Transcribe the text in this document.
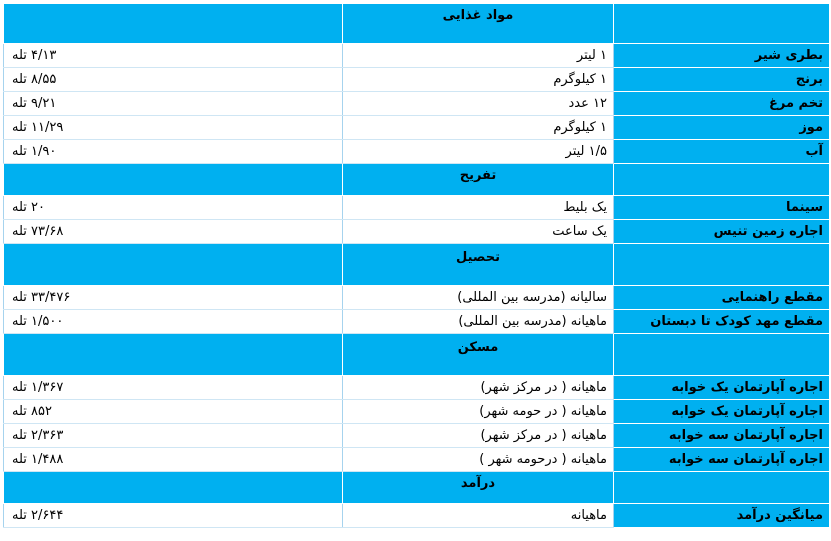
	مواد غذایی	
۴/۱۳ تله	۱ لیتر	بطری شیر
۸/۵۵ تله	۱ کیلوگرم	برنج
۹/۲۱ تله	۱۲ عدد	تخم مرغ
۱۱/۲۹ تله	۱ کیلوگرم	موز
۱/۹۰ تله	۱/۵ لیتر	آب
	تفریح	
۲۰ تله	یک بلیط	سینما
۷۳/۶۸ تله	یک ساعت	اجاره زمین تنیس
	تحصیل	
۳۳/۴۷۶ تله	سالیانه (مدرسه بین المللی)	مقطع راهنمایی
۱/۵۰۰ تله	ماهیانه (مدرسه بین المللی)	مقطع مهد کودک تا دبستان
	مسکن	
۱/۳۶۷ تله	ماهیانه ( در مرکز شهر)	اجاره آپارتمان یک خوابه
۸۵۲ تله	ماهیانه ( در حومه شهر)	اجاره آپارتمان یک خوابه
۲/۳۶۳ تله	ماهیانه ( در مرکز شهر)	اجاره آپارتمان سه خوابه
۱/۴۸۸ تله	ماهیانه ( درحومه شهر )	اجاره آپارتمان سه خوابه
	درآمد	
۲/۶۴۴ تله	ماهیانه	میانگین درآمد
